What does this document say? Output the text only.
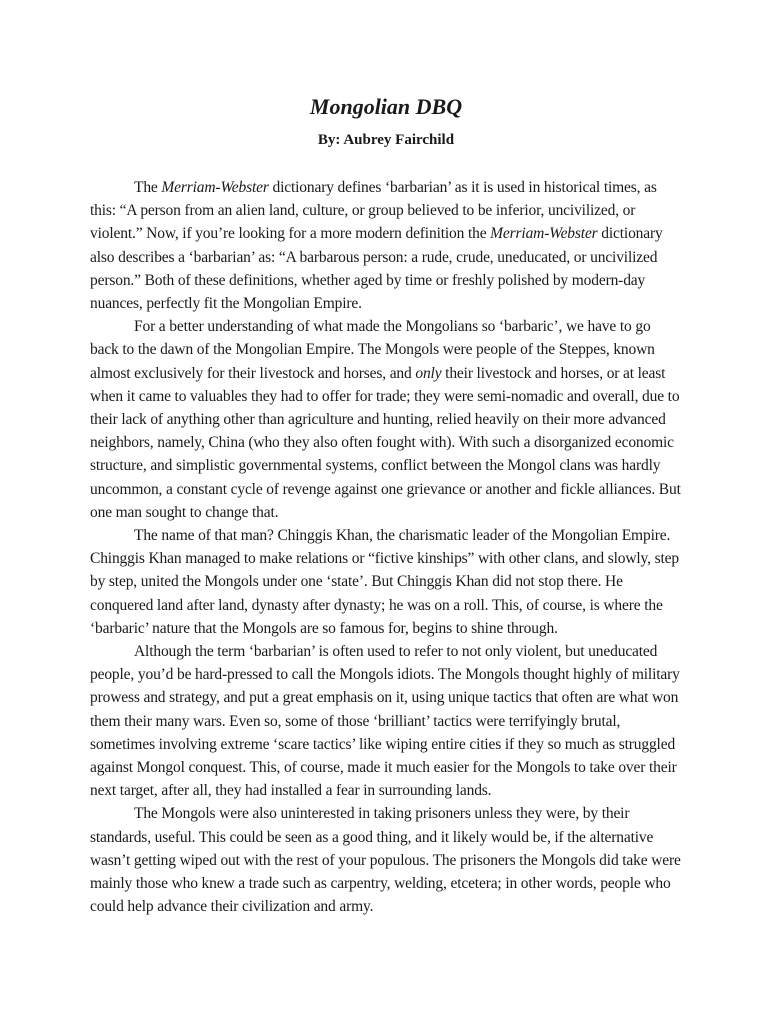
Mongolian DBQ
By: Aubrey Fairchild

The Merriam-Webster dictionary defines ‘barbarian’ as it is used in historical times, as this: “A person from an alien land, culture, or group believed to be inferior, uncivilized, or violent.” Now, if you’re looking for a more modern definition the Merriam-Webster dictionary also describes a ‘barbarian’ as: “A barbarous person: a rude, crude, uneducated, or uncivilized person.” Both of these definitions, whether aged by time or freshly polished by modern-day nuances, perfectly fit the Mongolian Empire.

For a better understanding of what made the Mongolians so ‘barbaric’, we have to go back to the dawn of the Mongolian Empire. The Mongols were people of the Steppes, known almost exclusively for their livestock and horses, and only their livestock and horses, or at least when it came to valuables they had to offer for trade; they were semi-nomadic and overall, due to their lack of anything other than agriculture and hunting, relied heavily on their more advanced neighbors, namely, China (who they also often fought with). With such a disorganized economic structure, and simplistic governmental systems, conflict between the Mongol clans was hardly uncommon, a constant cycle of revenge against one grievance or another and fickle alliances. But one man sought to change that.

The name of that man? Chinggis Khan, the charismatic leader of the Mongolian Empire. Chinggis Khan managed to make relations or “fictive kinships” with other clans, and slowly, step by step, united the Mongols under one ‘state’. But Chinggis Khan did not stop there. He conquered land after land, dynasty after dynasty; he was on a roll. This, of course, is where the ‘barbaric’ nature that the Mongols are so famous for, begins to shine through.

Although the term ‘barbarian’ is often used to refer to not only violent, but uneducated people, you’d be hard-pressed to call the Mongols idiots. The Mongols thought highly of military prowess and strategy, and put a great emphasis on it, using unique tactics that often are what won them their many wars. Even so, some of those ‘brilliant’ tactics were terrifyingly brutal, sometimes involving extreme ‘scare tactics’ like wiping entire cities if they so much as struggled against Mongol conquest. This, of course, made it much easier for the Mongols to take over their next target, after all, they had installed a fear in surrounding lands.

The Mongols were also uninterested in taking prisoners unless they were, by their standards, useful. This could be seen as a good thing, and it likely would be, if the alternative wasn’t getting wiped out with the rest of your populous. The prisoners the Mongols did take were mainly those who knew a trade such as carpentry, welding, etcetera; in other words, people who could help advance their civilization and army.
